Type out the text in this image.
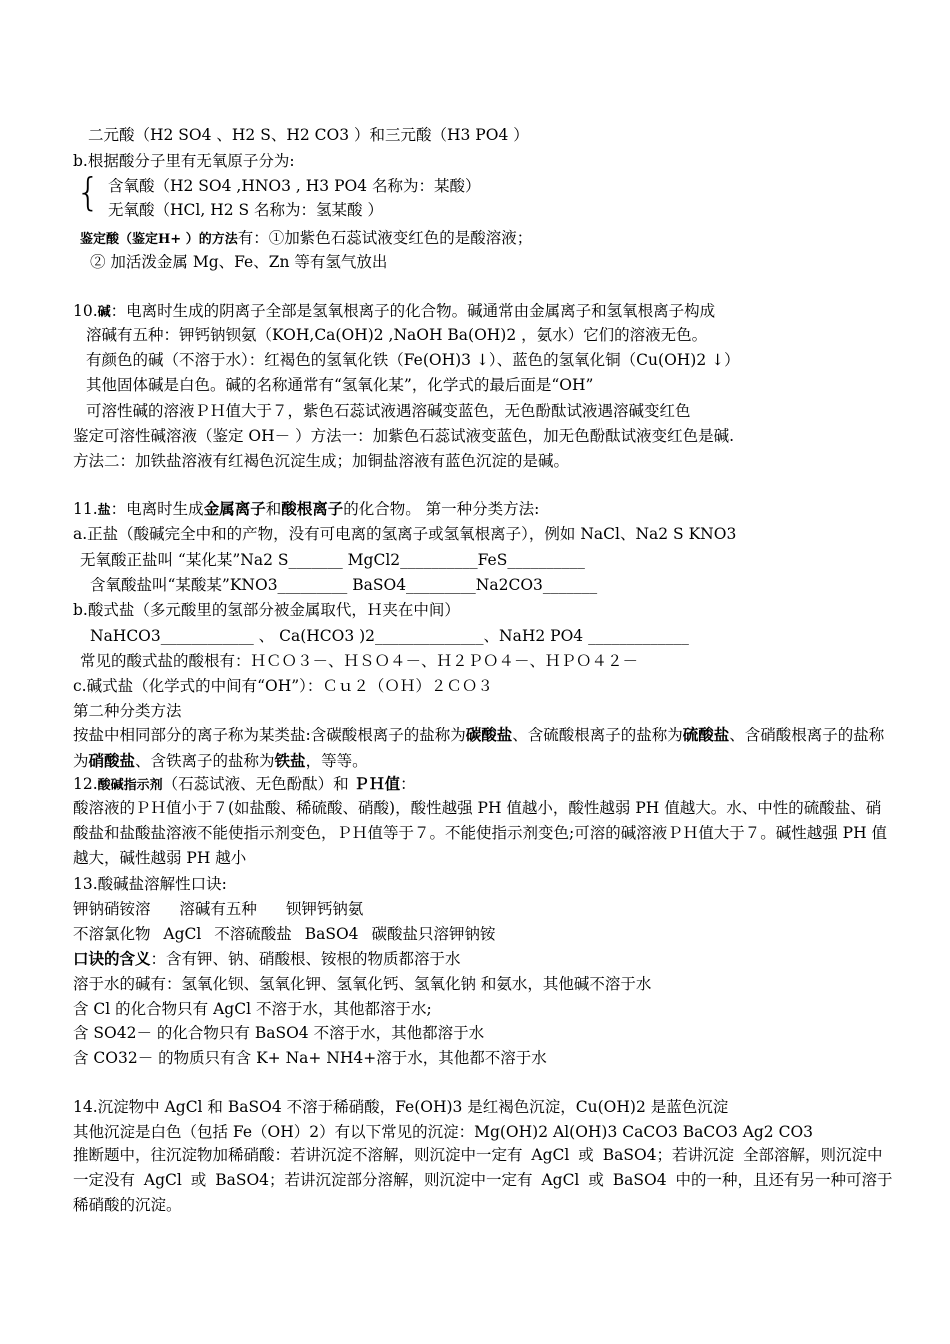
二元酸（H2 SO4 、H2 S、H2 CO3 ）和三元酸（H3 PO4 ）
b.根据酸分子里有无氧原子分为:
{ 含氧酸（H2 SO4 ,HNO3 , H3 PO4 名称为：某酸）
无氧酸（HCl, H2 S 名称为：氢某酸 ）
鉴定酸（鉴定H+ ）的方法有：①加紫色石蕊试液变红色的是酸溶液；
② 加活泼金属 Mg、Fe、Zn 等有氢气放出
10.碱：电离时生成的阴离子全部是氢氧根离子的化合物。碱通常由金属离子和氢氧根离子构成
溶碱有五种：钾钙钠钡氨（KOH,Ca(OH)2 ,NaOH Ba(OH)2 ，氨水）它们的溶液无色。
有颜色的碱（不溶于水）：红褐色的氢氧化铁（Fe(OH)3 ↓）、蓝色的氢氧化铜（Cu(OH)2 ↓）
其他固体碱是白色。碱的名称通常有“氢氧化某”，化学式的最后面是“OH”
可溶性碱的溶液ＰＨ值大于７，紫色石蕊试液遇溶碱变蓝色，无色酚酞试液遇溶碱变红色
鉴定可溶性碱溶液（鉴定 OH－ ）方法一：加紫色石蕊试液变蓝色，加无色酚酞试液变红色是碱.
方法二：加铁盐溶液有红褐色沉淀生成；加铜盐溶液有蓝色沉淀的是碱。
11.盐：电离时生成金属离子和酸根离子的化合物。 第一种分类方法:
a.正盐（酸碱完全中和的产物，没有可电离的氢离子或氢氧根离子），例如 NaCl、Na2 S KNO3
无氧酸正盐叫 “某化某”Na2 S_______ MgCl2__________FeS__________
含氧酸盐叫“某酸某”KNO3_________ BaSO4_________Na2CO3_______
b.酸式盐（多元酸里的氢部分被金属取代，Ｈ夹在中间）
NaHCO3____________ 、 Ca(HCO3 )2______________、NaH2 PO4 _____________
常见的酸式盐的酸根有：ＨＣＯ３－、ＨＳＯ４－、Ｈ２ＰＯ４－、ＨＰＯ４２－
c.碱式盐（化学式的中间有“OH”）：Ｃｕ２（ＯＨ）２ＣＯ３
第二种分类方法
按盐中相同部分的离子称为某类盐:含碳酸根离子的盐称为碳酸盐、含硫酸根离子的盐称为硫酸盐、含硝酸根离子的盐称为硝酸盐、含铁离子的盐称为铁盐，等等。
12.酸碱指示剂（石蕊试液、无色酚酞）和 ＰＨ值：
酸溶液的ＰＨ值小于７(如盐酸、稀硫酸、硝酸)，酸性越强 PH 值越小，酸性越弱 PH 值越大。水、中性的硫酸盐、硝酸盐和盐酸盐溶液不能使指示剂变色，ＰＨ值等于７。不能使指示剂变色;可溶的碱溶液ＰＨ值大于７。碱性越强 PH 值越大，碱性越弱 PH 越小
13.酸碱盐溶解性口诀:
钾钠硝铵溶 溶碱有五种 钡钾钙钠氨
不溶氯化物 AgCl 不溶硫酸盐 BaSO4 碳酸盐只溶钾钠铵
口诀的含义：含有钾、钠、硝酸根、铵根的物质都溶于水
溶于水的碱有：氢氧化钡、氢氧化钾、氢氧化钙、氢氧化钠 和氨水，其他碱不溶于水
含 Cl 的化合物只有 AgCl 不溶于水，其他都溶于水;
含 SO42－ 的化合物只有 BaSO4 不溶于水，其他都溶于水
含 CO32－ 的物质只有含 K+ Na+ NH4+溶于水，其他都不溶于水
14.沉淀物中 AgCl 和 BaSO4 不溶于稀硝酸，Fe(OH)3 是红褐色沉淀，Cu(OH)2 是蓝色沉淀
其他沉淀是白色（包括 Fe（OH）2）有以下常见的沉淀：Mg(OH)2 Al(OH)3 CaCO3 BaCO3 Ag2 CO3
推断题中，往沉淀物加稀硝酸：若讲沉淀不溶解，则沉淀中一定有 AgCl 或 BaSO4；若讲沉淀 全部溶解，则沉淀中一定没有 AgCl 或 BaSO4；若讲沉淀部分溶解，则沉淀中一定有 AgCl 或 BaSO4 中的一种，且还有另一种可溶于稀硝酸的沉淀。
